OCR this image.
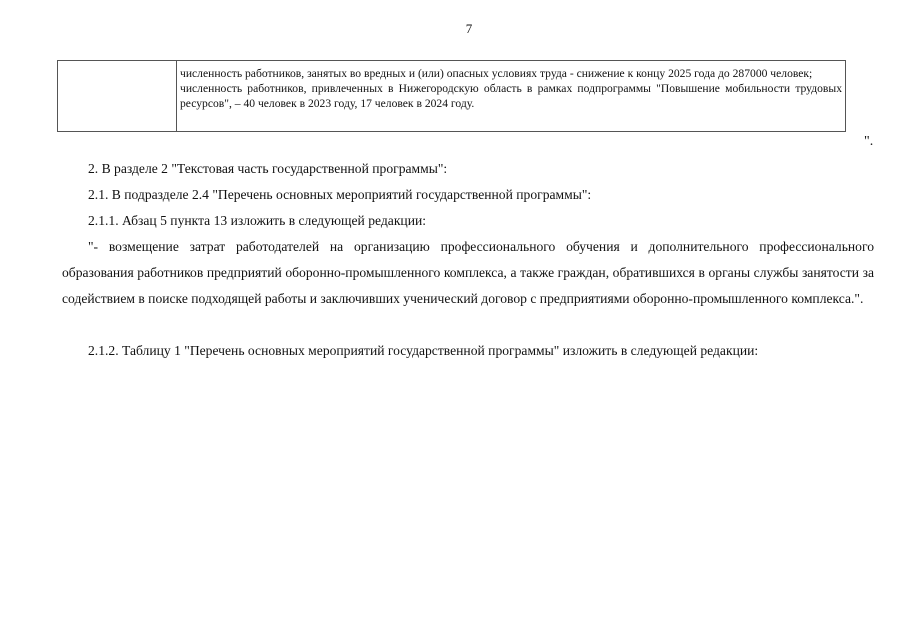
7

численность работников, занятых во вредных и (или) опасных условиях труда - снижение к концу 2025 года до 287000 человек;

численность работников, привлеченных в Нижегородскую область в рамках подпрограммы "Повышение мобильности трудовых ресурсов", – 40 человек в 2023 году, 17 человек в 2024 году.

".

2. В разделе 2 "Текстовая часть государственной программы":

2.1. В подразделе 2.4 "Перечень основных мероприятий государственной программы":

2.1.1. Абзац 5 пункта 13 изложить в следующей редакции:

"- возмещение затрат работодателей на организацию профессионального обучения и дополнительного профессионального образования работников предприятий оборонно-промышленного комплекса, а также граждан, обратившихся в органы службы занятости за содействием в поиске подходящей работы и заключивших ученический договор с предприятиями оборонно-промышленного комплекса.".

2.1.2. Таблицу 1 "Перечень основных мероприятий государственной программы" изложить в следующей редакции:
